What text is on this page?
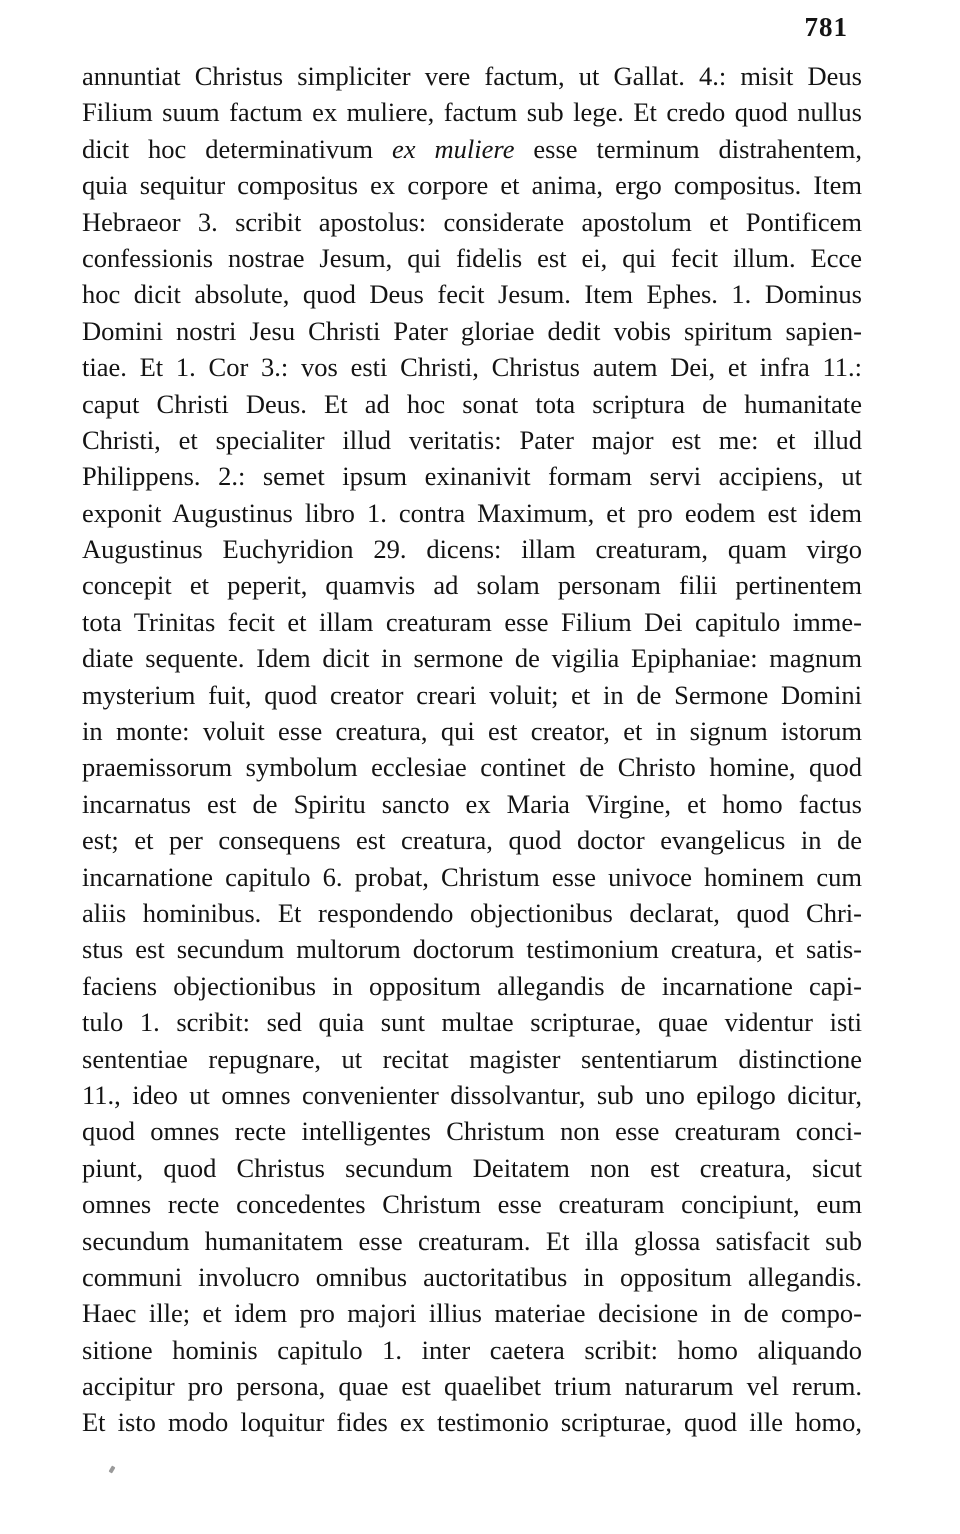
781
annuntiat Christus simpliciter vere factum, ut Gallat. 4.: misit Deus
Filium suum factum ex muliere, factum sub lege. Et credo quod nullus
dicit hoc determinativum ex muliere esse terminum distrahentem,
quia sequitur compositus ex corpore et anima, ergo compositus. Item
Hebraeor 3. scribit apostolus: considerate apostolum et Pontificem
confessionis nostrae Jesum, qui fidelis est ei, qui fecit illum. Ecce
hoc dicit absolute, quod Deus fecit Jesum. Item Ephes. 1. Dominus
Domini nostri Jesu Christi Pater gloriae dedit vobis spiritum sapien-
tiae. Et 1. Cor 3.: vos esti Christi, Christus autem Dei, et infra 11.:
caput Christi Deus. Et ad hoc sonat tota scriptura de humanitate
Christi, et specialiter illud veritatis: Pater major est me: et illud
Philippens. 2.: semet ipsum exinanivit formam servi accipiens, ut
exponit Augustinus libro 1. contra Maximum, et pro eodem est idem
Augustinus Euchyridion 29. dicens: illam creaturam, quam virgo
concepit et peperit, quamvis ad solam personam filii pertinentem
tota Trinitas fecit et illam creaturam esse Filium Dei capitulo imme-
diate sequente. Idem dicit in sermone de vigilia Epiphaniae: magnum
mysterium fuit, quod creator creari voluit; et in de Sermone Domini
in monte: voluit esse creatura, qui est creator, et in signum istorum
praemissorum symbolum ecclesiae continet de Christo homine, quod
incarnatus est de Spiritu sancto ex Maria Virgine, et homo factus
est; et per consequens est creatura, quod doctor evangelicus in de
incarnatione capitulo 6. probat, Christum esse univoce hominem cum
aliis hominibus. Et respondendo objectionibus declarat, quod Chri-
stus est secundum multorum doctorum testimonium creatura, et satis-
faciens objectionibus in oppositum allegandis de incarnatione capi-
tulo 1. scribit: sed quia sunt multae scripturae, quae videntur isti
sententiae repugnare, ut recitat magister sententiarum distinctione
11., ideo ut omnes convenienter dissolvantur, sub uno epilogo dicitur,
quod omnes recte intelligentes Christum non esse creaturam conci-
piunt, quod Christus secundum Deitatem non est creatura, sicut
omnes recte concedentes Christum esse creaturam concipiunt, eum
secundum humanitatem esse creaturam. Et illa glossa satisfacit sub
communi involucro omnibus auctoritatibus in oppositum allegandis.
Haec ille; et idem pro majori illius materiae decisione in de compo-
sitione hominis capitulo 1. inter caetera scribit: homo aliquando
accipitur pro persona, quae est quaelibet trium naturarum vel rerum.
Et isto modo loquitur fides ex testimonio scripturae, quod ille homo,
